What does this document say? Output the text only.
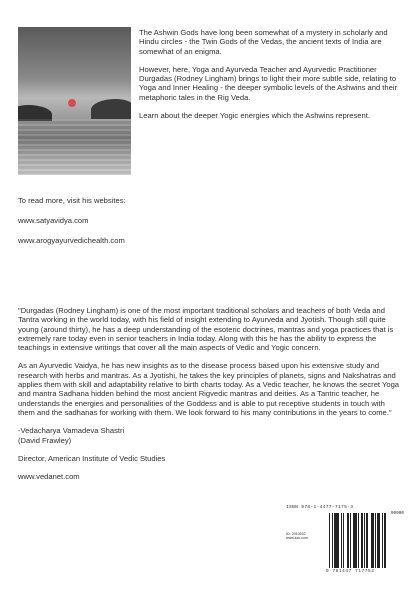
The Ashwin Gods have long been somewhat of a mystery in scholarly and Hindu circles - the Twin Gods of the Vedas, the ancient texts of India are somewhat of an enigma.

However, here, Yoga and Ayurveda Teacher and Ayurvedic Practitioner Durgadas (Rodney Lingham) brings to light their more subtle side, relating to Yoga and Inner Healing - the deeper symbolic levels of the Ashwins and their metaphoric tales in the Rig Veda.

Learn about the deeper Yogic energies which the Ashwins represent.

To read more, visit his websites:
www.satyavidya.com
www.arogyayurvedichealth.com

"Durgadas (Rodney Lingham) is one of the most important traditional scholars and teachers of both Veda and Tantra working in the world today, with his field of insight extending to Ayurveda and Jyotish. Though still quite young (around thirty), he has a deep understanding of the esoteric doctrines, mantras and yoga practices that is extremely rare today even in senior teachers in India today. Along with this he has the ability to express the teachings in extensive writings that cover all the main aspects of Vedic and Yogic concern.

As an Ayurvedic Vaidya, he has new insights as to the disease process based upon his extensive study and research with herbs and mantras. As a Jyotishi, he takes the key principles of planets, signs and Nakshatras and applies them with skill and adaptability relative to birth charts today. As a Vedic teacher, he knows the secret Yoga and mantra Sadhana hidden behind the most ancient Rigvedic mantras and deities. As a Tantric teacher, he understands the energies and personalities of the Goddess and is able to put receptive students in touch with them and the sadhanas for working with them. We look forward to his many contributions in the years to come."

-Vedacharya Vamadeva Shastri

(David Frawley)

Director, American Institute of Vedic Studies

www.vedanet.com

ISBN 978-1-4477-7175-3
90000
ID: 2910532
www.lulu.com
9 781447 717753
